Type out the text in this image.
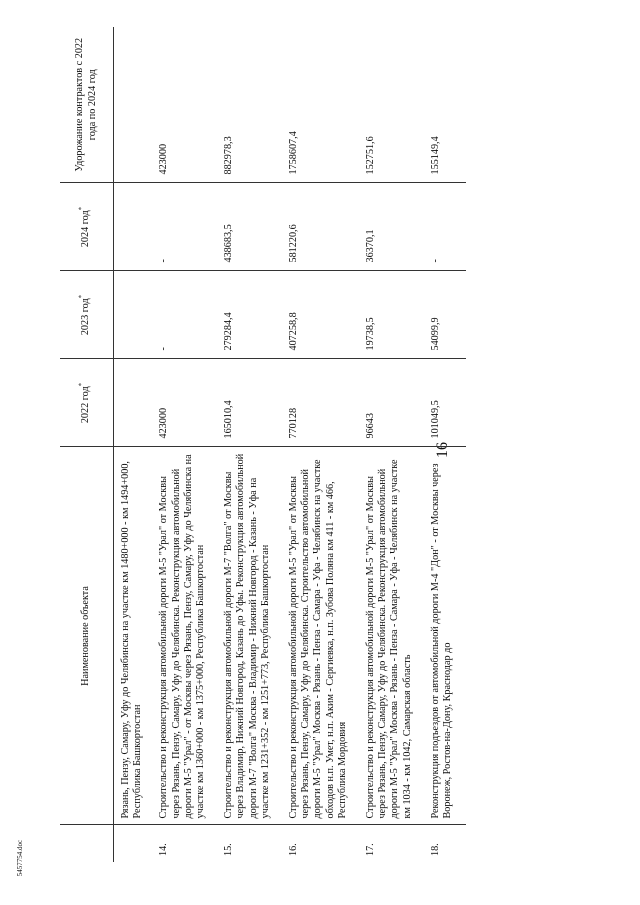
16
	Наименование объекта	2022 год*	2023 год*	2024 год*	Удорожание контрактов с 2022 года по 2024 год
	Рязань, Пензу, Самару, Уфу до Челябинска на участке км 1480+000 - км 1494+000, Республика Башкортостан				
14.	Строительство и реконструкция автомобильной дороги М-5 "Урал" от Москвы через Рязань, Пензу, Самару, Уфу до Челябинска. Реконструкция автомобильной дороги М-5 "Урал" - от Москвы через Рязань, Пензу, Самару, Уфу до Челябинска на участке км 1360+000 - км 1375+000, Республика Башкортостан	423000	-	-	423000
15.	Строительство и реконструкция автомобильной дороги М-7 "Волга" от Москвы через Владимир, Нижний Новгород, Казань до Уфы. Реконструкция автомобильной дороги М-7 "Волга" Москва - Владимир - Нижний Новгород - Казань - Уфа на участке км 1231+352 - км 1251+773, Республика Башкортостан	165010,4	279284,4	438683,5	882978,3
16.	Строительство и реконструкция автомобильной дороги М-5 "Урал" от Москвы через Рязань, Пензу, Самару, Уфу до Челябинска. Строительство автомобильной дороги М-5 "Урал" Москва - Рязань - Пенза - Самара - Уфа - Челябинск на участке обходов н.п. Умет, н.п. Аким - Сергиевка, н.п. Зубова Поляна км 411 - км 466, Республика Мордовия	770128	407258,8	581220,6	1758607,4
17.	Строительство и реконструкция автомобильной дороги М-5 "Урал" от Москвы через Рязань, Пензу, Самару, Уфу до Челябинска. Реконструкция автомобильной дороги М-5 "Урал" Москва - Рязань - Пенза - Самара - Уфа - Челябинск на участке км 1034 - км 1042, Самарская область	96643	19738,5	36370,1	152751,6
18.	Реконструкция подъездов от автомобильной дороги М-4 "Дон" - от Москвы через Воронеж, Ростов-на-Дону, Краснодар до	101049,5	54099,9	-	155149,4
5457754.doc
